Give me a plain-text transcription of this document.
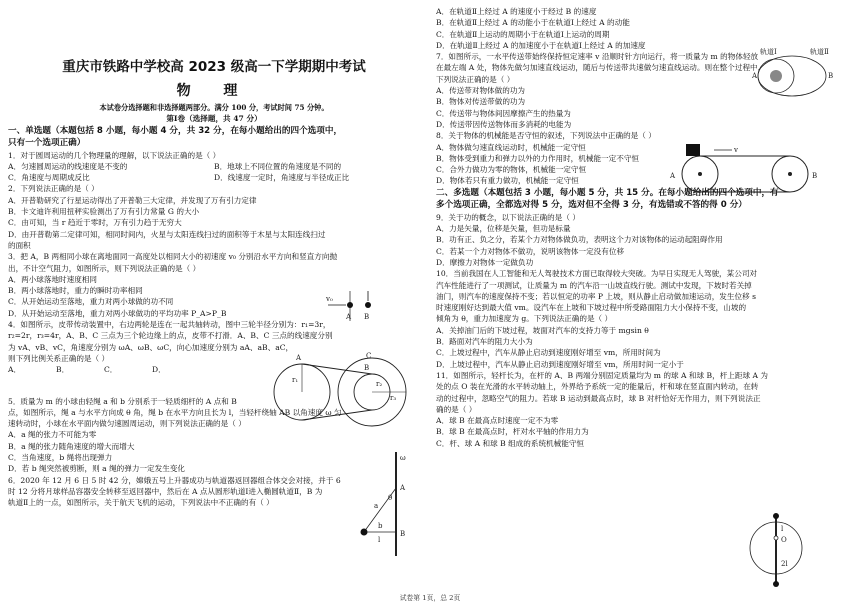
重庆市铁路中学校高 2023 级高一下学期期中考试
物 理
本试卷分选择题和非选择题两部分。满分 100 分，考试时间 75 分钟。
第Ⅰ卷（选择题，共 47 分）
一、单选题（本题包括 8 小题，每小题 4 分，共 32 分，在每小题给出的四个选项中，
只有一个选项正确）
1．对于圆周运动的几个物理量的理解，以下说法正确的是（ ）
A．匀速圆周运动的线速度是不变的	B．地球上不同位置的角速度是不同的
C．角速度与周期成反比	D．线速度一定时，角速度与半径成正比
2．下列说法正确的是（ ）
A．开普勒研究了行星运动得出了开普勒三大定律，并发现了万有引力定律
B．卡文迪许利用扭秤实验测出了万有引力常量 G 的大小
C．由可知，当 r 趋近于零时，万有引力趋于无穷大
D．由开普勒第二定律可知，相同时间内，火星与太阳连线扫过的面积等于木星与太阳连线扫过
的面积
3．把 A，B 两相同小球在离地面同一高度处以相同大小的初速度 v₀ 分别沿水平方向和竖直方向抛
出，不计空气阻力，如图所示，则下列说法正确的是（ ）
A．两小球落地时速度相同
B．两小球落地时，重力的瞬时功率相同
C．从开始运动至落地，重力对两小球做的功不同
D．从开始运动至落地，重力对两小球做功的平均功率 P_A>P_B
4．如图所示，皮带传动装置中，右边两轮是连在一起共轴转动，图中三轮半径分别为：r₁=3r，
r₂=2r，r₃=4r，A、B、C 三点为三个轮边缘上的点，皮带不打滑．A、B、C 三点的线速度分别
为 vA、vB、vC，角速度分别为 ωA、ωB、ωC，向心加速度分别为 aA、aB、aC，
则下列比例关系正确的是（ ）
A．	B．	C．	D．
5．质量为 m 的小球由轻绳 a 和 b 分别系于一轻质细杆的 A 点和 B
点，如图所示，绳 a 与水平方向成 θ 角，绳 b 在水平方向且长为 l，当轻杆绕轴 AB 以角速度 ω 匀
速转动时，小球在水平面内做匀速圆周运动，则下列说法正确的是（ ）
A．a 绳的张力不可能为零
B．a 绳的张力随角速度的增大而增大
C．当角速度，b 绳将出现弹力
D．若 b 绳突然被剪断，则 a 绳的弹力一定发生变化
6．2020 年 12 月 6 日 5 时 42 分，嫦娥五号上升器成功与轨道器返回器组合体交会对接，并于 6
时 12 分将月球样品容器安全转移至返回器中，然后在 A 点从圆形轨道Ⅰ进入椭圆轨道Ⅱ，B 为
轨道Ⅱ上的一点，如图所示，关于航天飞机的运动，下列说法中不正确的有（ ）
A．在轨道Ⅱ上经过 A 的速度小于经过 B 的速度
B．在轨道Ⅱ上经过 A 的动能小于在轨道Ⅰ上经过 A 的动能
C．在轨道Ⅱ上运动的周期小于在轨道Ⅰ上运动的周期
D．在轨道Ⅱ上经过 A 的加速度小于在轨道Ⅰ上经过 A 的加速度
7．如图所示，一水平传送带始终保持恒定速率 v 沿顺时针方向运行，将一质量为 m 的物体轻放
在最左端 A 处，物体先做匀加速直线运动，随后与传送带共速做匀速直线运动。则在整个过程中，
下列说法正确的是（ ）
A．传送带对物体做的功为
B．物体对传送带做的功为
C．传送带与物体间因摩擦产生的热量为
D．传送带因传送物体而多消耗的电能为
8．关于物体的机械能是否守恒的叙述，下列说法中正确的是（ ）
A．物体做匀速直线运动时，机械能一定守恒
B．物体受到重力和弹力以外的力作用时，机械能一定不守恒
C．合外力做功为零的物体，机械能一定守恒
D．物体若只有重力做功，机械能一定守恒
二、多选题（本题包括 3 小题，每小题 5 分，共 15 分。在每小题给出的四个选项中，有
多个选项正确，全都选对得 5 分，选对但不全得 3 分，有选错或不答的得 0 分）
9．关于功的概念，以下说法正确的是（ ）
A．力是矢量，位移是矢量，但功是标量
B．功有正、负之分，若某个力对物体做负功，表明这个力对该物体的运动起阻碍作用
C．若某一个力对物体不做功，说明该物体一定没有位移
D．摩擦力对物体一定做负功
10．当前我国在人工智能和无人驾驶技术方面已取得较大突破。为早日实现无人驾驶，某公司对
汽车性能进行了一项测试，让质量为 m 的汽车沿一山坡直线行驶。测试中发现，下坡时若关掉
油门，则汽车的速度保持不变；若以恒定的功率 P 上坡，则从静止启动做加速运动，发生位移 s
时速度刚好达到最大值 vm。设汽车在上坡和下坡过程中所受路面阻力大小保持不变，山坡的
倾角为 θ，重力加速度为 g。下列说法正确的是（ ）
A．关掉油门后的下坡过程，坡面对汽车的支持力等于 mgsin θ
B．路面对汽车的阻力大小为
C．上坡过程中，汽车从静止启动到速度刚好增至 vm，所用时间为
D．上坡过程中，汽车从静止启动到速度刚好增至 vm，所用时间一定小于
11．如图所示，轻杆长为，在杆的 A、B 两端分别固定质量均为 m 的球 A 和球 B，杆上距球 A 为
处的点 O 装在光滑的水平转动轴上，外界给予系统一定的能量后，杆和球在竖直面内转动，在转
动的过程中，忽略空气的阻力。若球 B 运动到最高点时，球 B 对杆恰好无作用力，则下列说法正
确的是（ ）
A．球 B 在最高点时速度一定不为零
B．球 B 在最高点时，杆对水平轴的作用力为
C．杆、球 A 和球 B 组成的系统机械能守恒
v₀
A B
r₁	r₂
r₃
A
B
C
a
b
l
A
B
ω
θ
轨道Ⅰ	轨道Ⅱ
A	B
v
A	B
l
O
2l
试卷第 1页，总 2页
